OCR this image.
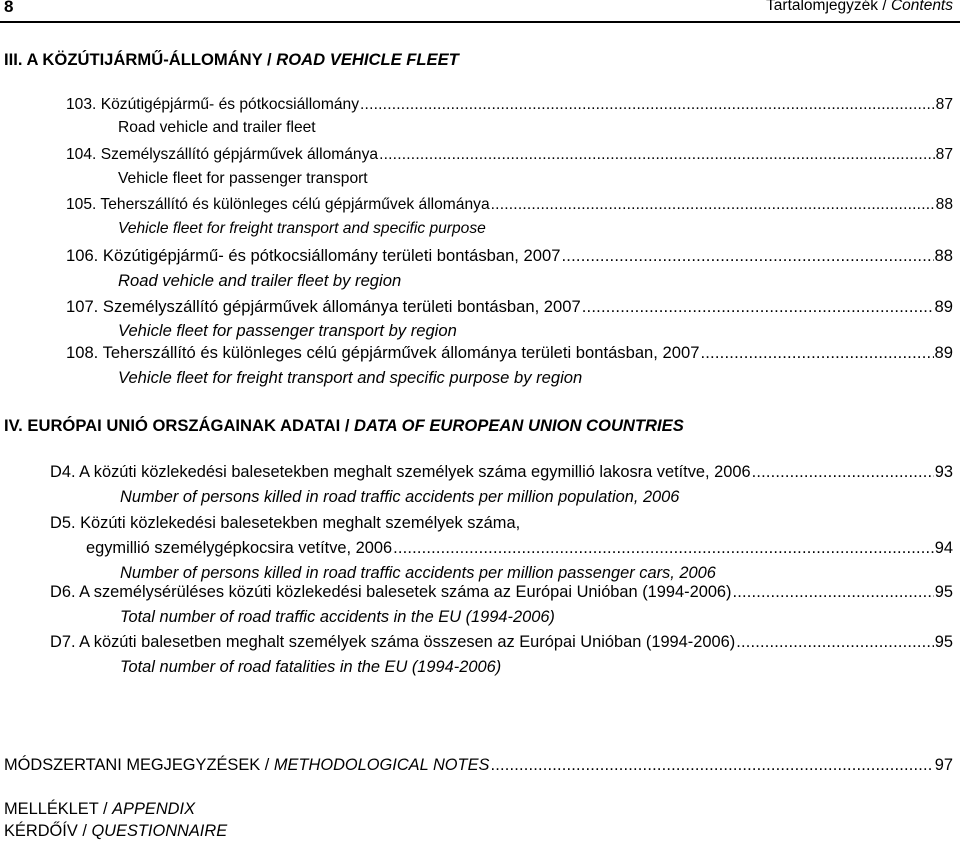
8	Tartalomjegyzék / Contents
III. A KÖZÚTIJÁRMŰ-ÁLLOMÁNY / ROAD VEHICLE FLEET
103. Közútigépjármű- és pótkocsiállomány .....	87
Road vehicle and trailer fleet
104. Személyszállító gépjárművek állománya .....	87
Vehicle fleet for passenger transport
105. Teherszállító és különleges célú gépjárművek állománya .....	88
Vehicle fleet for freight transport and specific purpose
106. Közútigépjármű- és pótkocsiállomány területi bontásban, 2007 .....	88
Road vehicle and trailer fleet by region
107. Személyszállító gépjárművek állománya területi bontásban, 2007 .....	89
Vehicle fleet for passenger transport by region
108. Teherszállító és különleges célú gépjárművek állománya területi bontásban, 2007 .....	89
Vehicle fleet for freight transport and specific purpose by region
IV. EURÓPAI UNIÓ ORSZÁGAINAK ADATAI / DATA OF EUROPEAN UNION COUNTRIES
D4. A közúti közlekedési balesetekben meghalt személyek száma egymillió lakosra vetítve, 2006 .....	93
Number of persons killed in road traffic accidents per million population, 2006
D5. Közúti közlekedési balesetekben meghalt személyek száma,
egymillió személygépkocsira vetítve, 2006 .....	94
Number of persons killed in road traffic accidents per million passenger cars, 2006
D6. A személysérüléses közúti közlekedési balesetek száma az Európai Unióban (1994-2006) .....	95
Total number of road traffic accidents in the EU (1994-2006)
D7. A közúti balesetben meghalt személyek száma összesen az Európai Unióban (1994-2006) .....	95
Total number of road fatalities in the EU (1994-2006)
MÓDSZERTANI MEGJEGYZÉSEK / METHODOLOGICAL NOTES .....	97
MELLÉKLET / APPENDIX
KÉRDŐÍV / QUESTIONNAIRE
